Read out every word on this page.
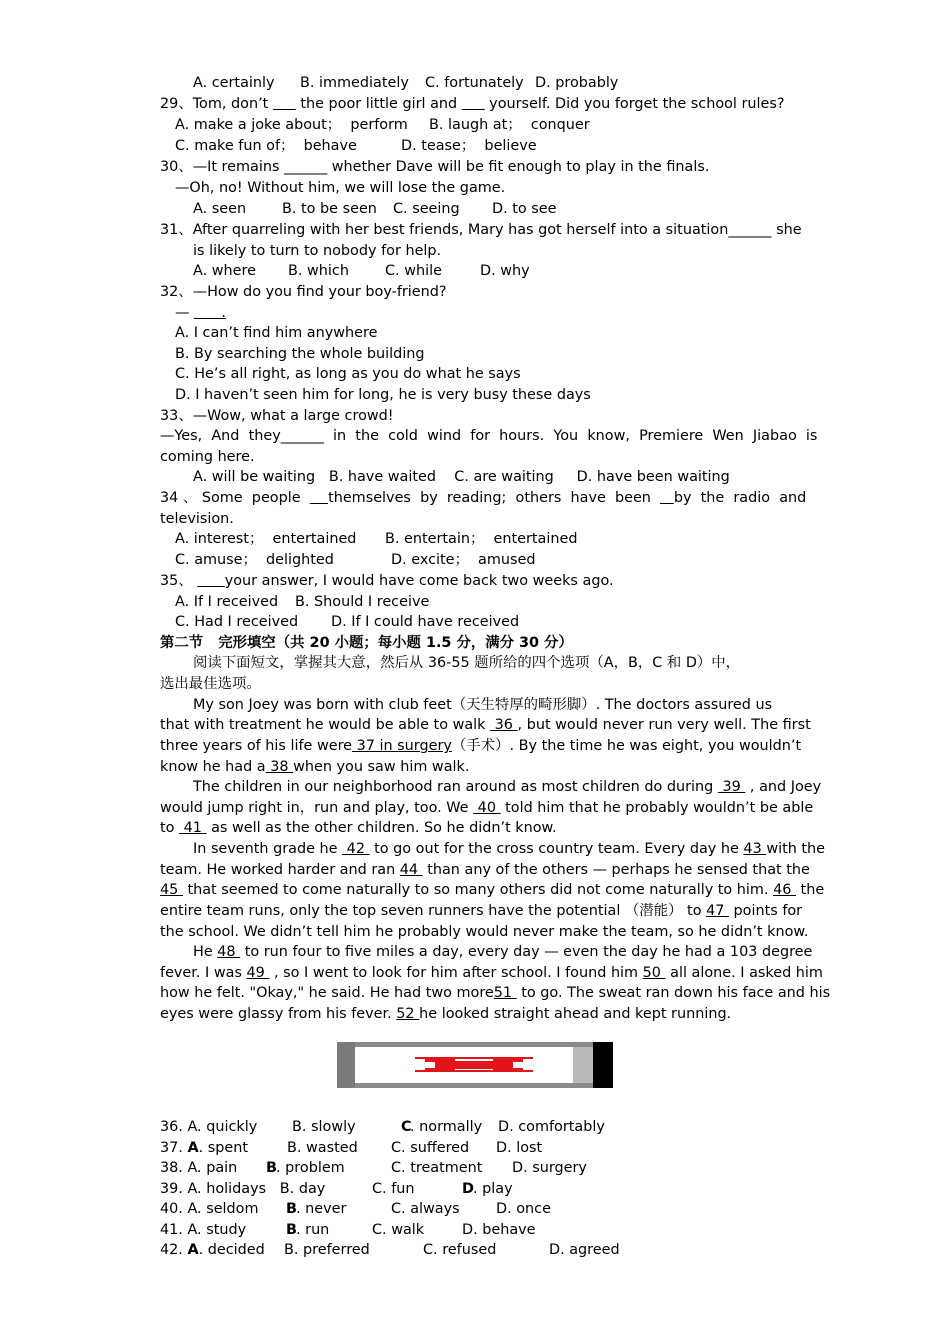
A. certainly B. immediately C. fortunately D. probably
29、Tom, don’t       the poor little girl and       yourself. Did you forget the school rules?
A. make a joke about；  perform B. laugh at；  conquer
C. make fun of；  behave	D. tease；  believe
30、—It remains ______ whether Dave will be fit enough to play in the finals.
—Oh, no! Without him, we will lose the game.
A. seen B. to be seen C. seeing D. to see
31、After quarreling with her best friends, Mary has got herself into a situation______ she
is likely to turn to nobody for help.
A. where B. which	C. while	D. why
32、—How do you find your boy-friend?
—       .
A. I can’t find him anywhere
B. By searching the whole building
C. He’s all right, as long as you do what he says
D. I haven’t seen him for long, he is very busy these days
33、—Wow, what a large crowd!
—Yes,  And  they______  in  the  cold  wind  for  hours.  You  know,  Premiere  Wen  Jiabao  is
coming here.
A. will be waiting   B. have waited    C. are waiting     D. have been waiting
34 、 Some  people      themselves  by  reading;  others  have  been     by  the  radio  and
television.
A. interest；  entertained B. entertain；  entertained
C. amuse；  delighted	D. excite；  amused
35、       your answer, I would have come back two weeks ago.
A. If I received B. Should I receive
C. Had I received D. If I could have received
第二节   完形填空（共 20 小题；每小题 1.5 分，满分 30 分）
阅读下面短文，掌握其大意，然后从 36-55 题所给的四个选项（A，B，C 和 D）中，
选出最佳选项。
My son Joey was born with club feet（天生特厚的畸形脚）. The doctors assured us
that with treatment he would be able to walk  36 , but would never run very well. The first
three years of his life were 37 in surgery（手术）. By the time he was eight, you wouldn’t
know he had a 38 when you saw him walk.
The children in our neighborhood ran around as most children do during  39  , and Joey
would jump right in，run and play, too. We  40  told him that he probably wouldn’t be able
to  41  as well as the other children. So he didn’t know.
In seventh grade he  42  to go out for the cross country team. Every day he 43 with the
team. He worked harder and ran 44  than any of the others — perhaps he sensed that the
45  that seemed to come naturally to so many others did not come naturally to him. 46  the
entire team runs, only the top seven runners have the potential （潜能） to 47  points for
the school. We didn’t tell him he probably would never make the team, so he didn’t know.
He 48  to run four to five miles a day, every day — even the day he had a 103 degree
fever. I was 49  , so I went to look for him after school. I found him 50  all alone. I asked him
how he felt. "Okay," he said. He had two more51  to go. The sweat ran down his face and his
eyes were glassy from his fever. 52 he looked straight ahead and kept running.
36. A. quickly B. slowly	C
. normally D. comfortably
37. A. spent	B. wasted C. suffered D. lost
38. A. pain B . problem	C. treatment D. surgery
39. A. holidays   B. day	C. fun	D . play
40. A. seldom B . never	C. always	D. once
41. A. study	B . run	C. walk	D. behave
42. A. decided B. preferred	C. refused	D. agreed
